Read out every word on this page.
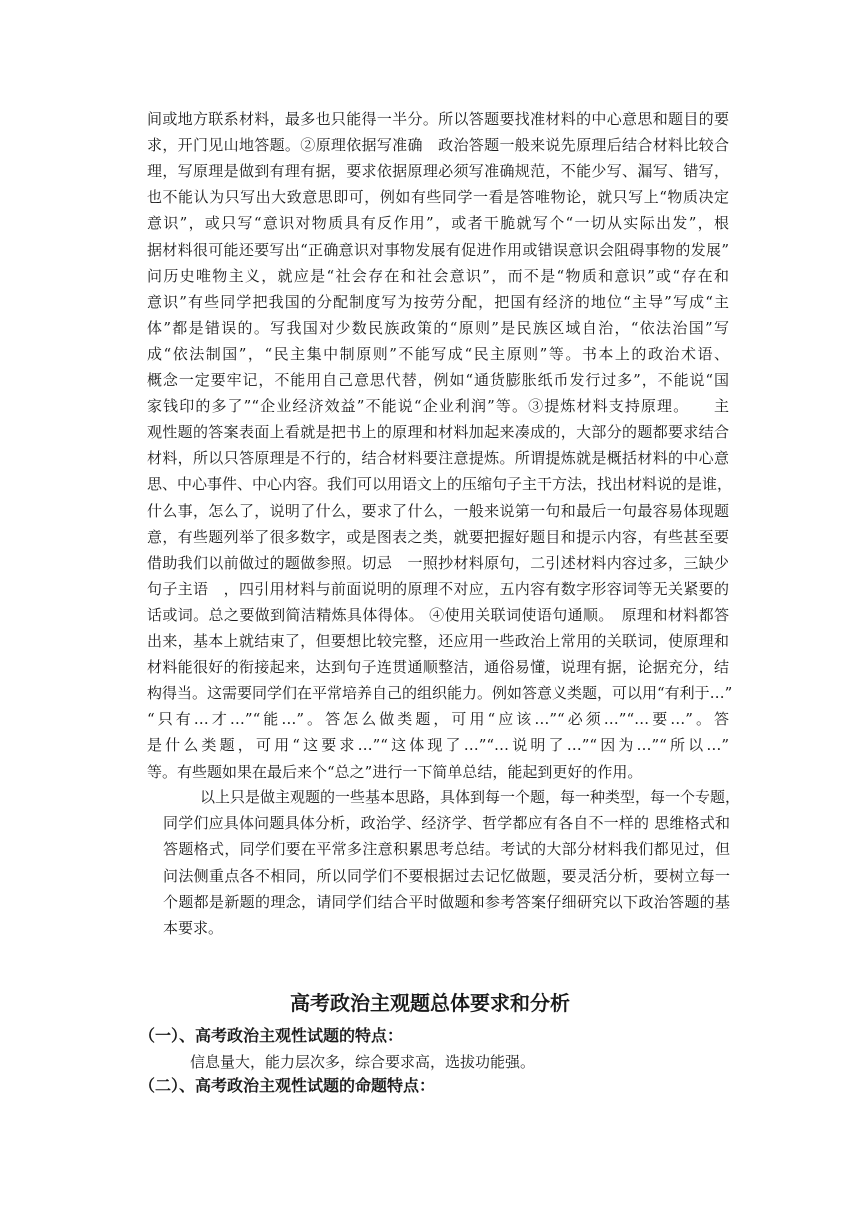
间或地方联系材料，最多也只能得一半分。所以答题要找准材料的中心意思和题目的要
求，开门见山地答题。②原理依据写准确　政治答题一般来说先原理后结合材料比较合
理，写原理是做到有理有据，要求依据原理必须写准确规范，不能少写、漏写、错写，
也不能认为只写出大致意思即可，例如有些同学一看是答唯物论，就只写上“物质决定
意识”，或只写“意识对物质具有反作用”，或者干脆就写个“一切从实际出发”，根
据材料很可能还要写出“正确意识对事物发展有促进作用或错误意识会阻碍事物的发展”
问历史唯物主义，就应是“社会存在和社会意识”，而不是“物质和意识”或“存在和
意识”有些同学把我国的分配制度写为按劳分配，把国有经济的地位“主导”写成“主
体”都是错误的。写我国对少数民族政策的“原则”是民族区域自治，“依法治国”写
成“依法制国”，“民主集中制原则”不能写成“民主原则”等。书本上的政治术语、
概念一定要牢记，不能用自己意思代替，例如“通货膨胀纸币发行过多”，不能说“国
家钱印的多了”“企业经济效益”不能说“企业利润”等。③提炼材料支持原理。　　主
观性题的答案表面上看就是把书上的原理和材料加起来凑成的，大部分的题都要求结合
材料，所以只答原理是不行的，结合材料要注意提炼。所谓提炼就是概括材料的中心意
思、中心事件、中心内容。我们可以用语文上的压缩句子主干方法，找出材料说的是谁，
什么事，怎么了，说明了什么，要求了什么，一般来说第一句和最后一句最容易体现题
意，有些题列举了很多数字，或是图表之类，就要把握好题目和提示内容，有些甚至要
借助我们以前做过的题做参照。切忌　一照抄材料原句，二引述材料内容过多，三缺少
句子主语　，四引用材料与前面说明的原理不对应，五内容有数字形容词等无关紧要的
话或词。总之要做到简洁精炼具体得体。 ④使用关联词使语句通顺。　原理和材料都答
出来，基本上就结束了，但要想比较完整，还应用一些政治上常用的关联词，使原理和
材料能很好的衔接起来，达到句子连贯通顺整洁，通俗易懂，说理有据，论据充分，结
构得当。这需要同学们在平常培养自己的组织能力。例如答意义类题，可以用“有利于…”
“只有…才…”“能…”。答怎么做类题，可用“应该…”“必须…”“…要…”。答
是什么类题，可用“这要求…”“这体现了…”“…说明了…”“因为…”“所以…”
等。有些题如果在最后来个“总之”进行一下简单总结，能起到更好的作用。
以上只是做主观题的一些基本思路，具体到每一个题，每一种类型，每一个专题，
同学们应具体问题具体分析，政治学、经济学、哲学都应有各自不一样的 思维格式和
答题格式，同学们要在平常多注意积累思考总结。考试的大部分材料我们都见过，但
问法侧重点各不相同，所以同学们不要根据过去记忆做题，要灵活分析，要树立每一
个题都是新题的理念，请同学们结合平时做题和参考答案仔细研究以下政治答题的基
本要求。
高考政治主观题总体要求和分析
（一）、高考政治主观性试题的特点：
信息量大，能力层次多，综合要求高，选拔功能强。
（二）、高考政治主观性试题的命题特点：
